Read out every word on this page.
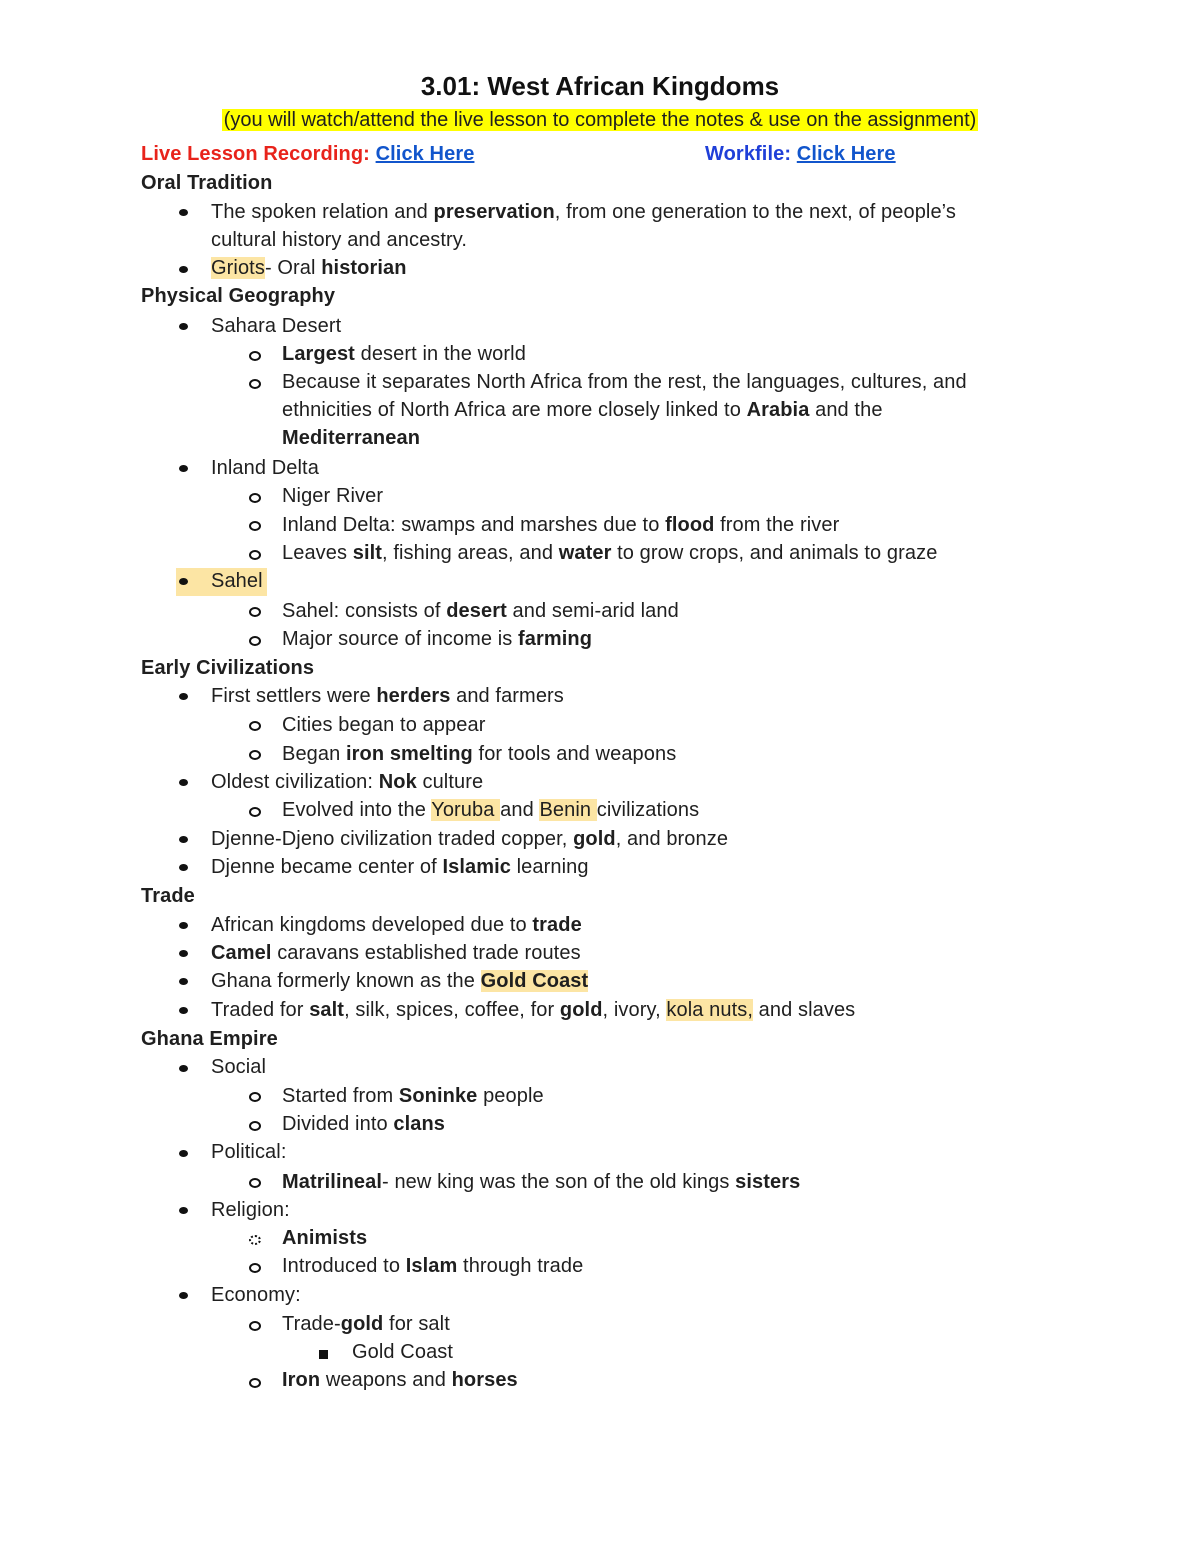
3.01: West African Kingdoms
(you will watch/attend the live lesson to complete the notes & use on the assignment)
Live Lesson Recording: Click Here	Workfile: Click Here
Oral Tradition
The spoken relation and preservation, from one generation to the next, of people’s
cultural history and ancestry.
Griots- Oral historian
Physical Geography
Sahara Desert
Largest desert in the world
Because it separates North Africa from the rest, the languages, cultures, and
ethnicities of North Africa are more closely linked to Arabia and the
Mediterranean
Inland Delta
Niger River
Inland Delta: swamps and marshes due to flood from the river
Leaves silt, fishing areas, and water to grow crops, and animals to graze
Sahel
Sahel: consists of desert and semi-arid land
Major source of income is farming
Early Civilizations
First settlers were herders and farmers
Cities began to appear
Began iron smelting for tools and weapons
Oldest civilization: Nok culture
Evolved into the Yoruba and Benin civilizations
Djenne-Djeno civilization traded copper, gold, and bronze
Djenne became center of Islamic learning
Trade
African kingdoms developed due to trade
Camel caravans established trade routes
Ghana formerly known as the Gold Coast
Traded for salt, silk, spices, coffee, for gold, ivory, kola nuts, and slaves
Ghana Empire
Social
Started from Soninke people
Divided into clans
Political:
Matrilineal- new king was the son of the old kings sisters
Religion:
Animists
Introduced to Islam through trade
Economy:
Trade-gold for salt
Gold Coast
Iron weapons and horses
